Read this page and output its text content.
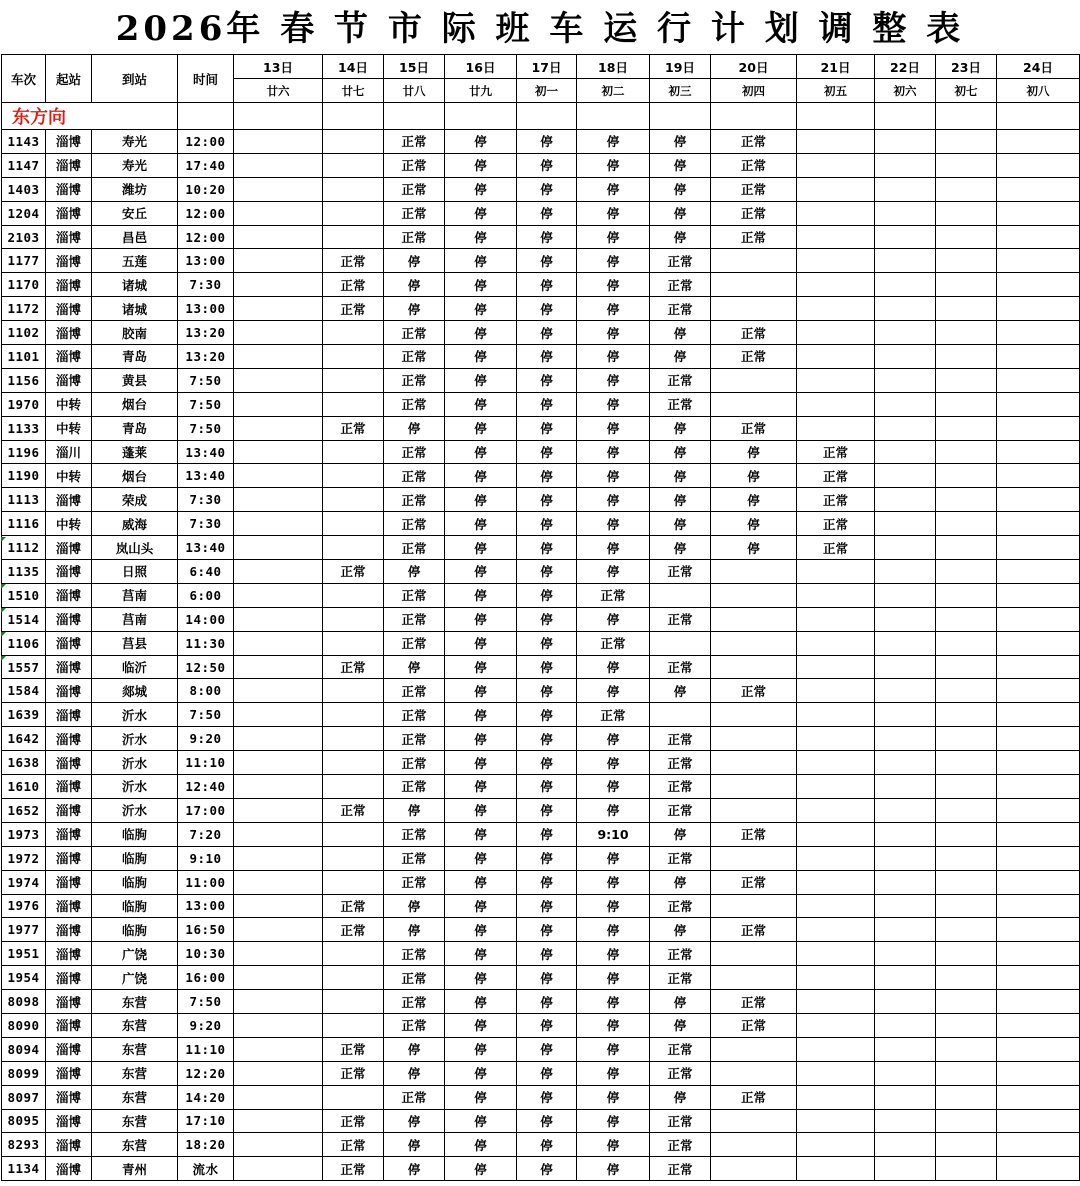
2026年 春 节 市 际 班 车 运 行 计 划 调 整 表
车次	起站	到站	时间	13日	14日	15日	16日	17日	18日	19日	20日	21日	22日	23日	24日
				廿六	廿七	廿八	廿九	初一	初二	初三	初四	初五	初六	初七	初八
东方向															
1143	淄博	寿光	12:00			正常	停	停	停	停	正常				
1147	淄博	寿光	17:40			正常	停	停	停	停	正常				
1403	淄博	潍坊	10:20			正常	停	停	停	停	正常				
1204	淄博	安丘	12:00			正常	停	停	停	停	正常				
2103	淄博	昌邑	12:00			正常	停	停	停	停	正常				
1177	淄博	五莲	13:00		正常	停	停	停	停	正常					
1170	淄博	诸城	7:30		正常	停	停	停	停	正常					
1172	淄博	诸城	13:00		正常	停	停	停	停	正常					
1102	淄博	胶南	13:20			正常	停	停	停	停	正常				
1101	淄博	青岛	13:20			正常	停	停	停	停	正常				
1156	淄博	黄县	7:50			正常	停	停	停	正常					
1970	中转	烟台	7:50			正常	停	停	停	正常					
1133	中转	青岛	7:50		正常	停	停	停	停	停	正常				
1196	淄川	蓬莱	13:40			正常	停	停	停	停	停	正常			
1190	中转	烟台	13:40			正常	停	停	停	停	停	正常			
1113	淄博	荣成	7:30			正常	停	停	停	停	停	正常			
1116	中转	威海	7:30			正常	停	停	停	停	停	正常			
1112	淄博	岚山头	13:40			正常	停	停	停	停	停	正常			
1135	淄博	日照	6:40		正常	停	停	停	停	正常					
1510	淄博	莒南	6:00			正常	停	停	正常						
1514	淄博	莒南	14:00			正常	停	停	停	正常					
1106	淄博	莒县	11:30			正常	停	停	正常						
1557	淄博	临沂	12:50		正常	停	停	停	停	正常					
1584	淄博	郯城	8:00			正常	停	停	停	停	正常				
1639	淄博	沂水	7:50			正常	停	停	正常						
1642	淄博	沂水	9:20			正常	停	停	停	正常					
1638	淄博	沂水	11:10			正常	停	停	停	正常					
1610	淄博	沂水	12:40			正常	停	停	停	正常					
1652	淄博	沂水	17:00		正常	停	停	停	停	正常					
1973	淄博	临朐	7:20			正常	停	停	9:10	停	正常				
1972	淄博	临朐	9:10			正常	停	停	停	正常					
1974	淄博	临朐	11:00			正常	停	停	停	停	正常				
1976	淄博	临朐	13:00		正常	停	停	停	停	正常					
1977	淄博	临朐	16:50		正常	停	停	停	停	停	正常				
1951	淄博	广饶	10:30			正常	停	停	停	正常					
1954	淄博	广饶	16:00			正常	停	停	停	正常					
8098	淄博	东营	7:50			正常	停	停	停	停	正常				
8090	淄博	东营	9:20			正常	停	停	停	停	正常				
8094	淄博	东营	11:10		正常	停	停	停	停	正常					
8099	淄博	东营	12:20		正常	停	停	停	停	正常					
8097	淄博	东营	14:20			正常	停	停	停	停	正常				
8095	淄博	东营	17:10		正常	停	停	停	停	正常					
8293	淄博	东营	18:20		正常	停	停	停	停	正常					
1134	淄博	青州	流水		正常	停	停	停	停	正常					
